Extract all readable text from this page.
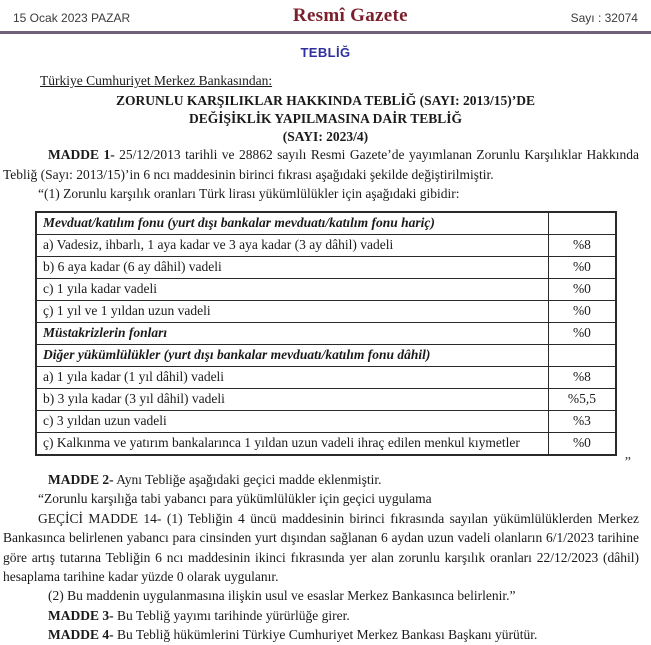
15 Ocak 2023 PAZAR	Resmî Gazete	Sayı : 32074
TEBLİĞ
Türkiye Cumhuriyet Merkez Bankasından:
ZORUNLU KARŞILIKLAR HAKKINDA TEBLİĞ (SAYI: 2013/15)’DE
DEĞİŞİKLİK YAPILMASINA DAİR TEBLİĞ
(SAYI: 2023/4)

MADDE 1- 25/12/2013 tarihli ve 28862 sayılı Resmi Gazete’de yayımlanan Zorunlu Karşılıklar Hakkında Tebliğ (Sayı: 2013/15)’in 6 ncı maddesinin birinci fıkrası aşağıdaki şekilde değiştirilmiştir.

“(1) Zorunlu karşılık oranları Türk lirası yükümlülükler için aşağıdaki gibidir:

Mevduat/katılım fonu (yurt dışı bankalar mevduatı/katılım fonu hariç)	
a) Vadesiz, ihbarlı, 1 aya kadar ve 3 aya kadar (3 ay dâhil) vadeli	%8
b) 6 aya kadar (6 ay dâhil) vadeli	%0
c) 1 yıla kadar vadeli	%0
ç) 1 yıl ve 1 yıldan uzun vadeli	%0
Müstakrizlerin fonları	%0
Diğer yükümlülükler (yurt dışı bankalar mevduatı/katılım fonu dâhil)	
a) 1 yıla kadar (1 yıl dâhil) vadeli	%8
b) 3 yıla kadar (3 yıl dâhil) vadeli	%5,5
c) 3 yıldan uzun vadeli	%3
ç) Kalkınma ve yatırım bankalarınca 1 yıldan uzun vadeli ihraç edilen menkul kıymetler	%0
”

MADDE 2- Aynı Tebliğe aşağıdaki geçici madde eklenmiştir.

“Zorunlu karşılığa tabi yabancı para yükümlülükler için geçici uygulama

GEÇİCİ MADDE 14- (1) Tebliğin 4 üncü maddesinin birinci fıkrasında sayılan yükümlülüklerden Merkez Bankasınca belirlenen yabancı para cinsinden yurt dışından sağlanan 6 aydan uzun vadeli olanların 6/1/2023 tarihine göre artış tutarına Tebliğin 6 ncı maddesinin ikinci fıkrasında yer alan zorunlu karşılık oranları 22/12/2023 (dâhil) hesaplama tarihine kadar yüzde 0 olarak uygulanır.

(2) Bu maddenin uygulanmasına ilişkin usul ve esaslar Merkez Bankasınca belirlenir.”

MADDE 3- Bu Tebliğ yayımı tarihinde yürürlüğe girer.

MADDE 4- Bu Tebliğ hükümlerini Türkiye Cumhuriyet Merkez Bankası Başkanı yürütür.
